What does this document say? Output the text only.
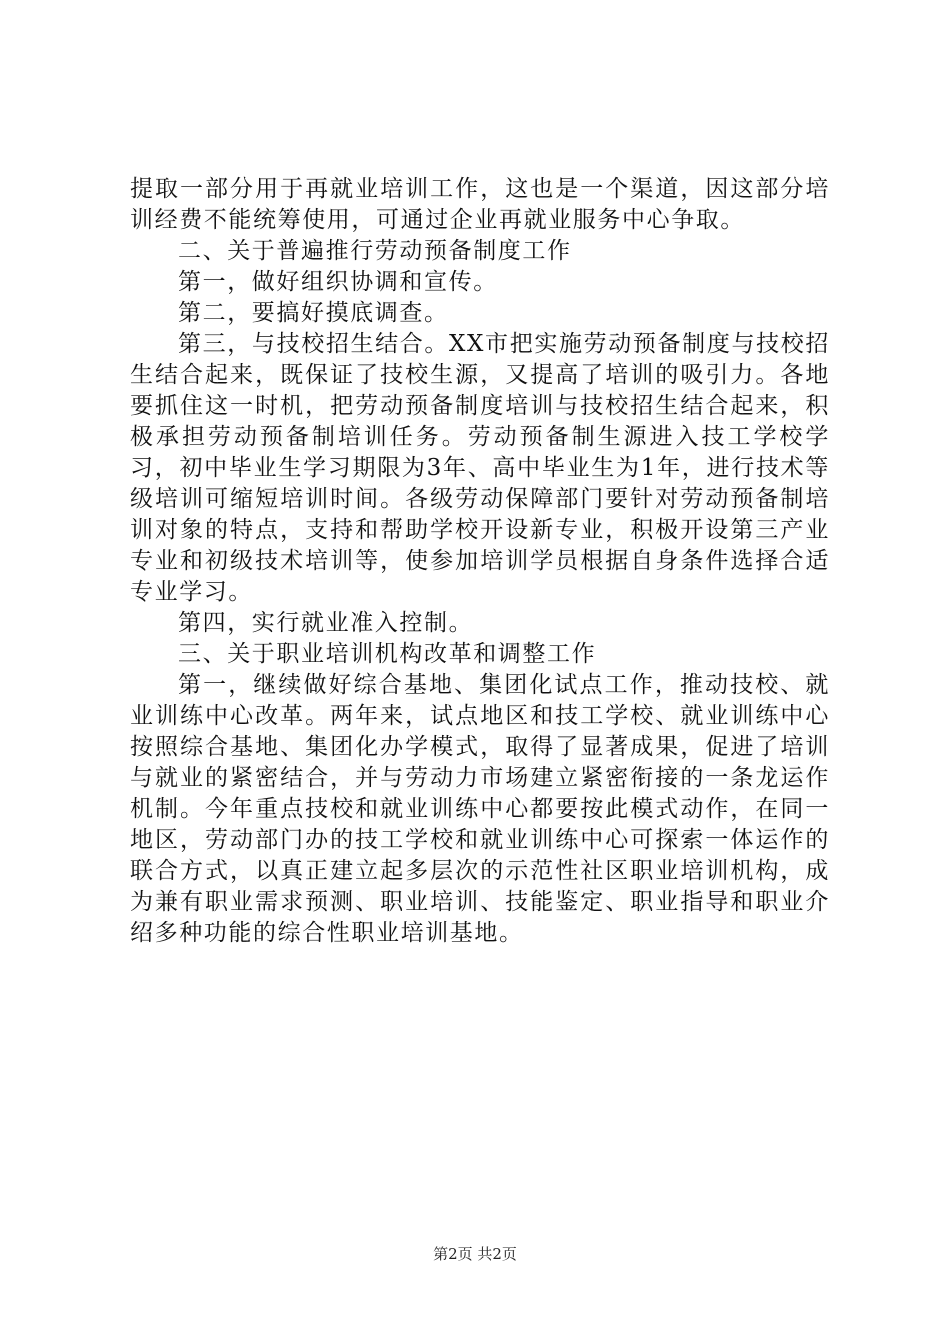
提取一部分用于再就业培训工作，这也是一个渠道，因这部分培训经费不能统筹使用，可通过企业再就业服务中心争取。

二、关于普遍推行劳动预备制度工作

第一，做好组织协调和宣传。

第二，要搞好摸底调查。

第三，与技校招生结合。XX市把实施劳动预备制度与技校招生结合起来，既保证了技校生源，又提高了培训的吸引力。各地要抓住这一时机，把劳动预备制度培训与技校招生结合起来，积极承担劳动预备制培训任务。劳动预备制生源进入技工学校学习，初中毕业生学习期限为3年、高中毕业生为1年，进行技术等级培训可缩短培训时间。各级劳动保障部门要针对劳动预备制培训对象的特点，支持和帮助学校开设新专业，积极开设第三产业专业和初级技术培训等，使参加培训学员根据自身条件选择合适专业学习。

第四，实行就业准入控制。

三、关于职业培训机构改革和调整工作

第一，继续做好综合基地、集团化试点工作，推动技校、就业训练中心改革。两年来，试点地区和技工学校、就业训练中心按照综合基地、集团化办学模式，取得了显著成果，促进了培训与就业的紧密结合，并与劳动力市场建立紧密衔接的一条龙运作机制。今年重点技校和就业训练中心都要按此模式动作，在同一地区，劳动部门办的技工学校和就业训练中心可探索一体运作的联合方式，以真正建立起多层次的示范性社区职业培训机构，成为兼有职业需求预测、职业培训、技能鉴定、职业指导和职业介绍多种功能的综合性职业培训基地。

第2页 共2页
